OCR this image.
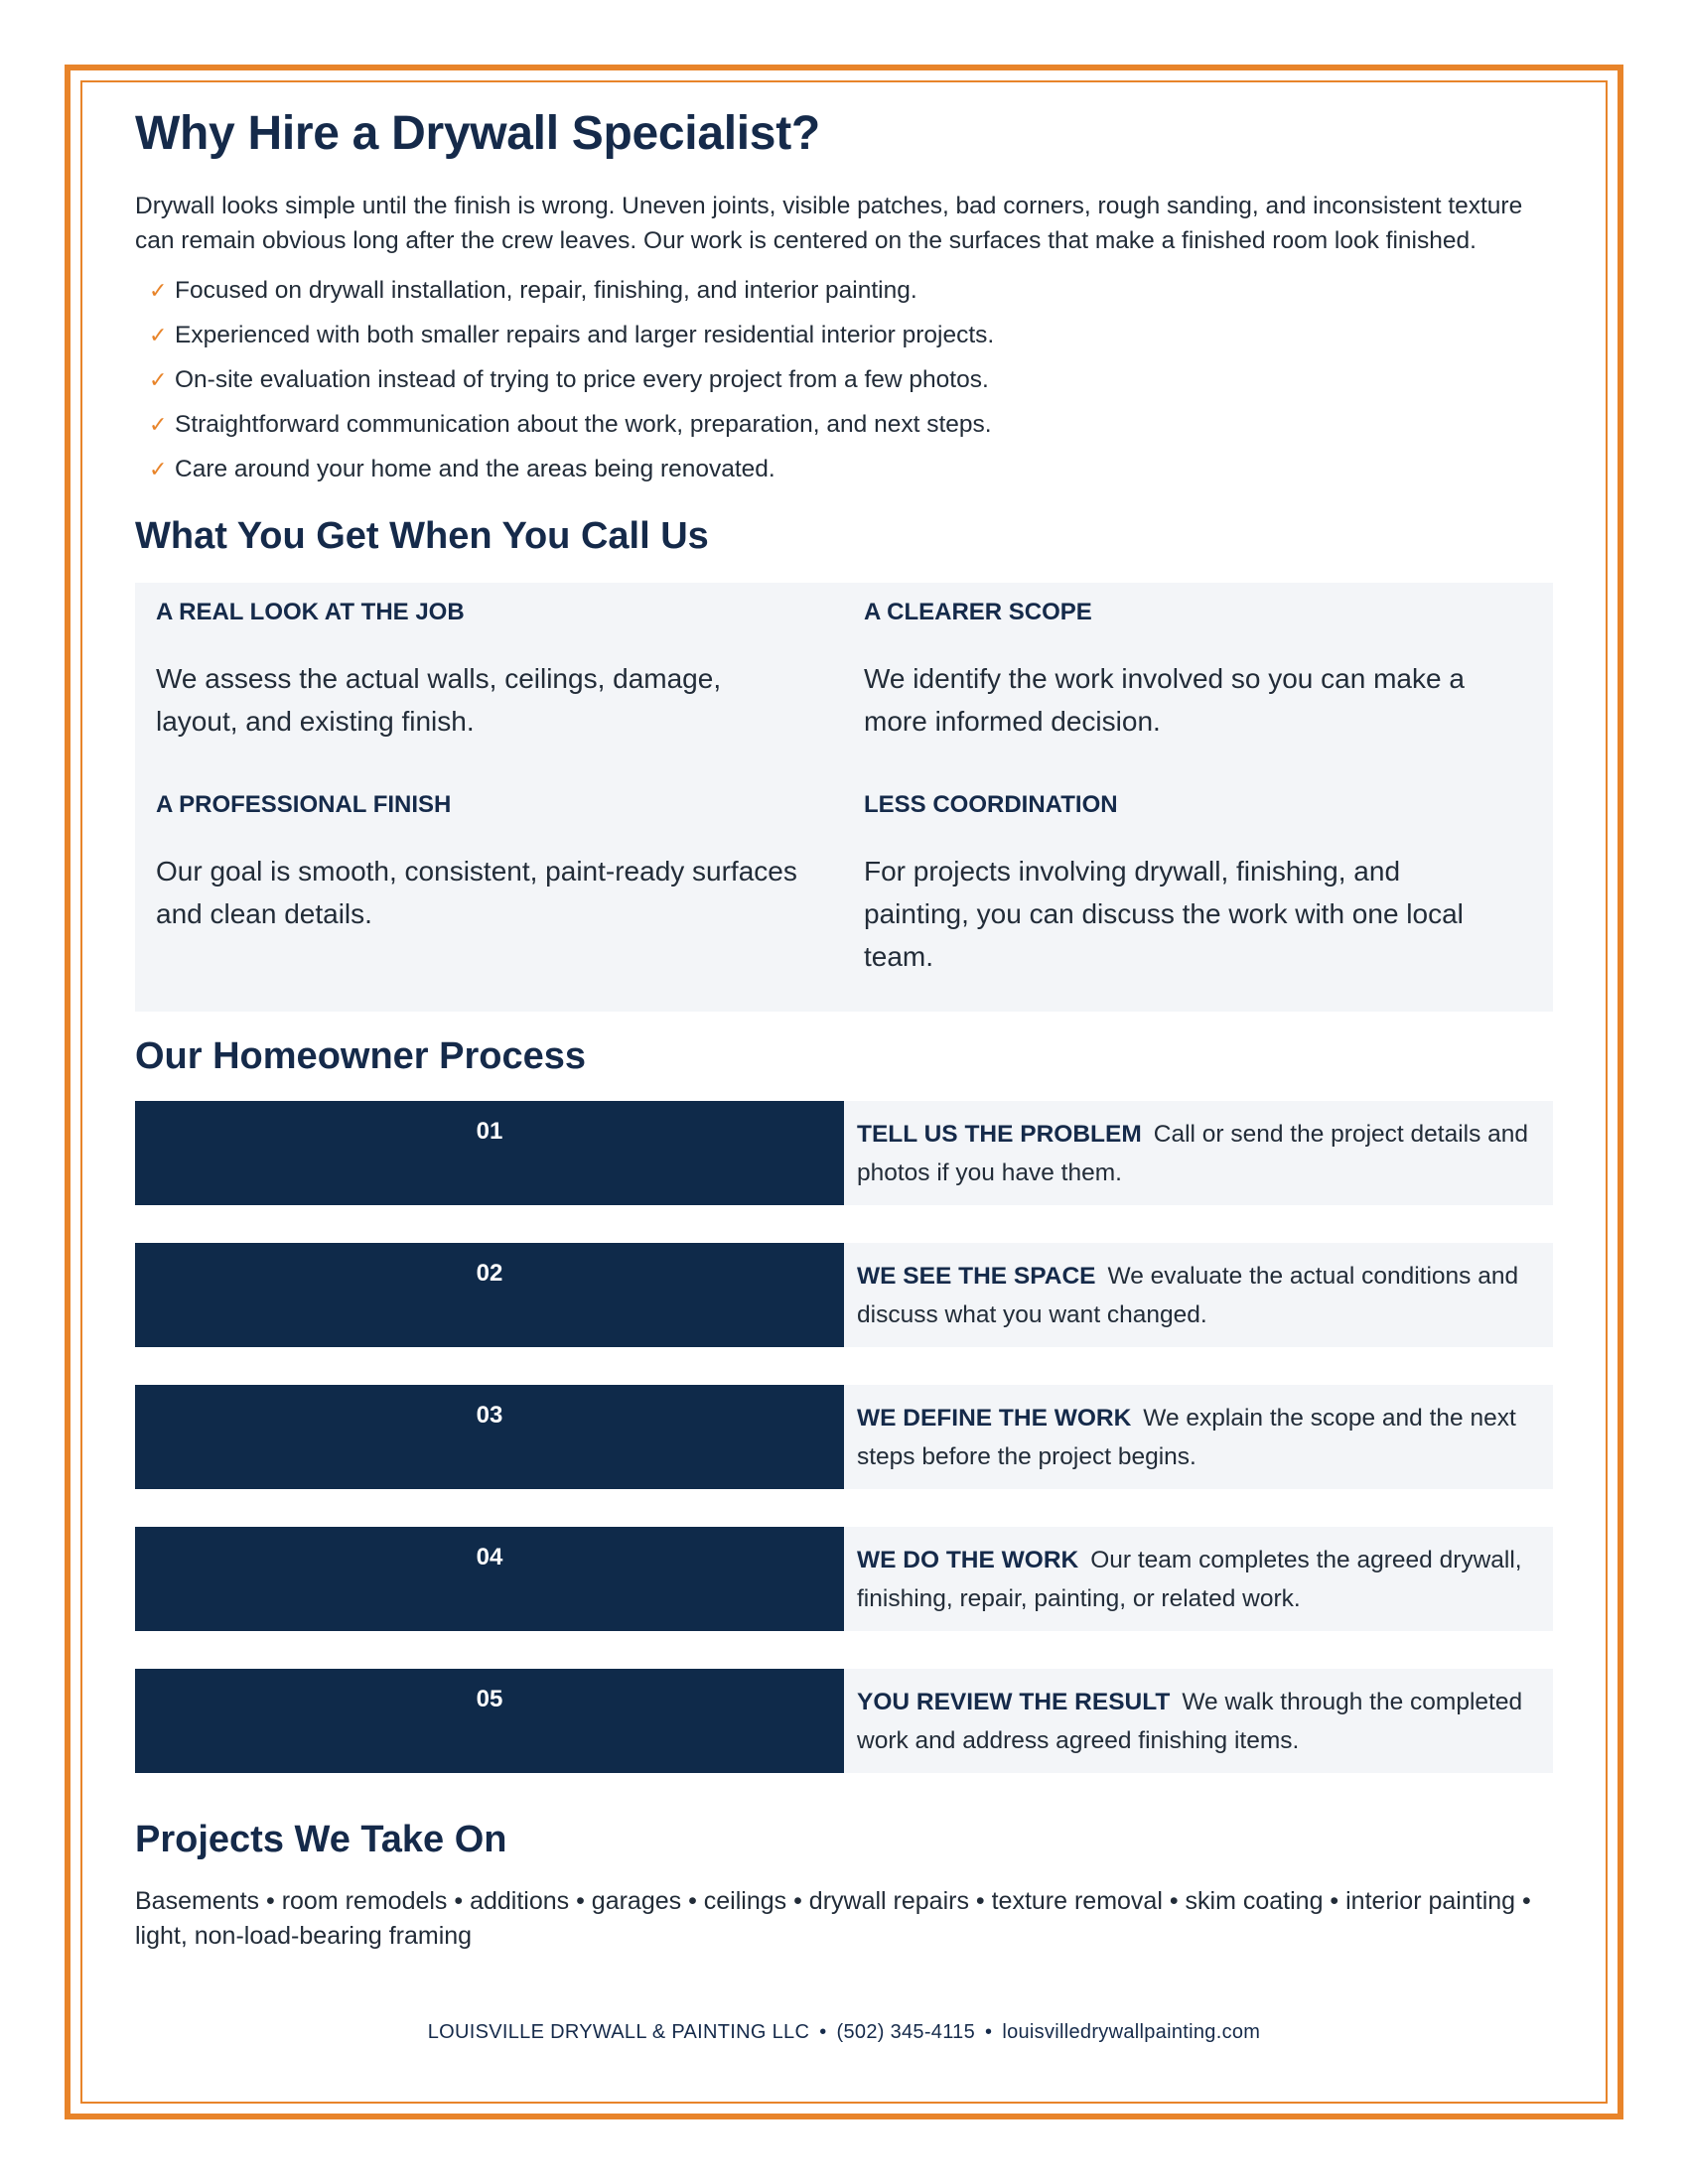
Why Hire a Drywall Specialist?

Drywall looks simple until the finish is wrong. Uneven joints, visible patches, bad corners, rough sanding, and inconsistent texture can remain obvious long after the crew leaves. Our work is centered on the surfaces that make a finished room look finished.

✓ Focused on drywall installation, repair, finishing, and interior painting.
✓ Experienced with both smaller repairs and larger residential interior projects.
✓ On-site evaluation instead of trying to price every project from a few photos.
✓ Straightforward communication about the work, preparation, and next steps.
✓ Care around your home and the areas being renovated.
What You Get When You Call Us
A REAL LOOK AT THE JOB
We assess the actual walls, ceilings, damage, layout, and existing finish.
A CLEARER SCOPE
We identify the work involved so you can make a more informed decision.
A PROFESSIONAL FINISH
Our goal is smooth, consistent, paint-ready surfaces and clean details.
LESS COORDINATION
For projects involving drywall, finishing, and painting, you can discuss the work with one local team.
Our Homeowner Process
01	TELL US THE PROBLEM Call or send the project details and photos if you have them.
02	WE SEE THE SPACE We evaluate the actual conditions and discuss what you want changed.
03	WE DEFINE THE WORK We explain the scope and the next steps before the project begins.
04	WE DO THE WORK Our team completes the agreed drywall, finishing, repair, painting, or related work.
05	YOU REVIEW THE RESULT We walk through the completed work and address agreed finishing items.
Projects We Take On
Basements • room remodels • additions • garages • ceilings • drywall repairs • texture removal • skim coating • interior painting • light, non-load-bearing framing
LOUISVILLE DRYWALL & PAINTING LLC • (502) 345-4115 • louisvilledrywallpainting.com
